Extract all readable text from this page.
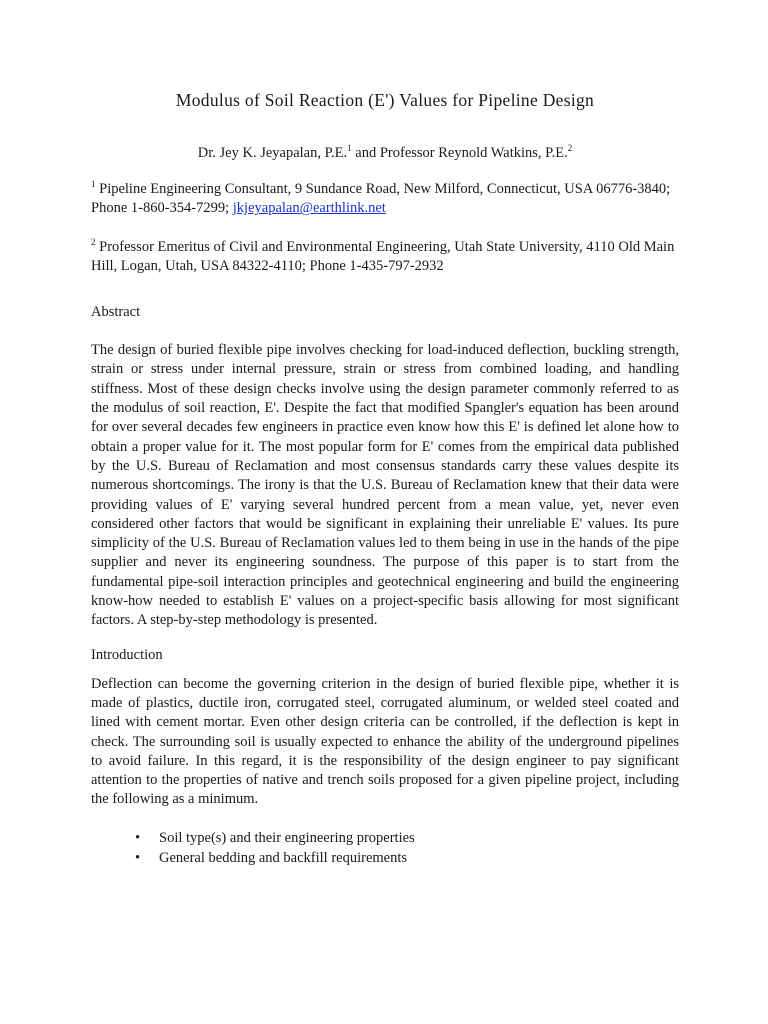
Modulus of Soil Reaction (E') Values for Pipeline Design

Dr. Jey K. Jeyapalan, P.E.$^1$ and Professor Reynold Watkins, P.E.$^2$

$^1$ Pipeline Engineering Consultant, 9 Sundance Road, New Milford, Connecticut, USA 06776-3840; Phone 1-860-354-7299; jkjeyapalan@earthlink.net

$^2$ Professor Emeritus of Civil and Environmental Engineering, Utah State University, 4110 Old Main Hill, Logan, Utah, USA 84322-4110; Phone 1-435-797-2932

Abstract

The design of buried flexible pipe involves checking for load-induced deflection, buckling strength, strain or stress under internal pressure, strain or stress from combined loading, and handling stiffness. Most of these design checks involve using the design parameter commonly referred to as the modulus of soil reaction, E'. Despite the fact that modified Spangler's equation has been around for over several decades few engineers in practice even know how this E' is defined let alone how to obtain a proper value for it. The most popular form for E' comes from the empirical data published by the U.S. Bureau of Reclamation and most consensus standards carry these values despite its numerous shortcomings. The irony is that the U.S. Bureau of Reclamation knew that their data were providing values of E' varying several hundred percent from a mean value, yet, never even considered other factors that would be significant in explaining their unreliable E' values. Its pure simplicity of the U.S. Bureau of Reclamation values led to them being in use in the hands of the pipe supplier and never its engineering soundness. The purpose of this paper is to start from the fundamental pipe-soil interaction principles and geotechnical engineering and build the engineering know-how needed to establish E' values on a project-specific basis allowing for most significant factors. A step-by-step methodology is presented.

Introduction

Deflection can become the governing criterion in the design of buried flexible pipe, whether it is made of plastics, ductile iron, corrugated steel, corrugated aluminum, or welded steel coated and lined with cement mortar. Even other design criteria can be controlled, if the deflection is kept in check. The surrounding soil is usually expected to enhance the ability of the underground pipelines to avoid failure. In this regard, it is the responsibility of the design engineer to pay significant attention to the properties of native and trench soils proposed for a given pipeline project, including the following as a minimum.

• Soil type(s) and their engineering properties
• General bedding and backfill requirements
